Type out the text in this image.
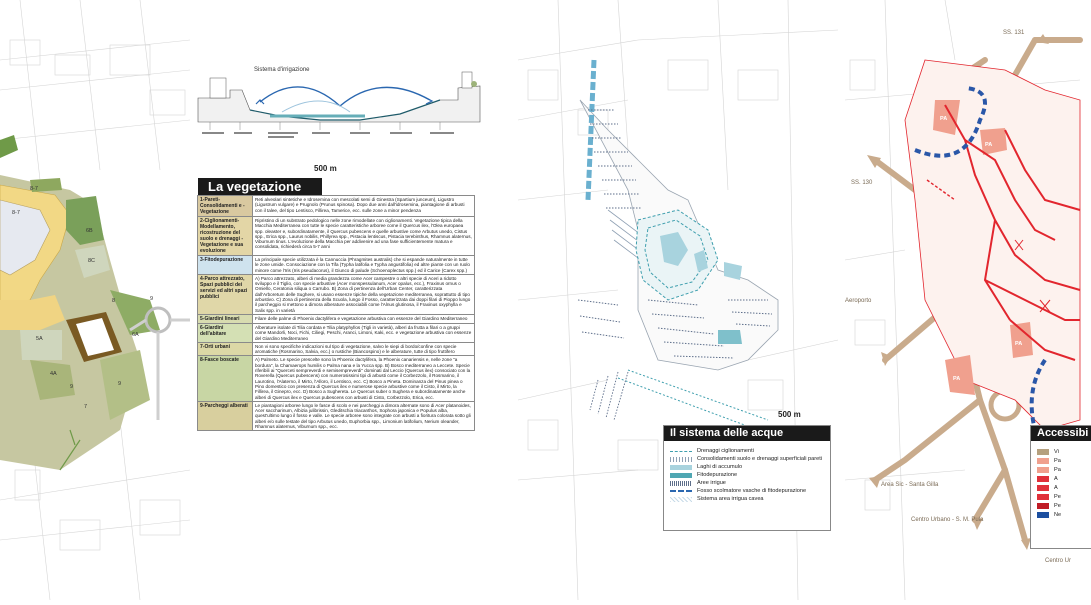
8-7
8-7
6B
8C
6A
5A
4A
9
9
9
7
8
Sistema d'irrigazione
500 m
La vegetazione
1-Pareti-Consolidamenti e - Vegetazione	Reti alveolari sintetiche e Idrosemina con mescolati semi di Ginestra (Spartium junceum), Ligustro (Ligustrum vulgare) e Prugnolo (Prunus spinosa). Dopo due anni dall'idrosemina, piantagione di arbusti con il talee, del tipo Lentisco, Fillirea, Tamerice, ecc. sulle zone a minor pendenza
2-Ciglionamenti- Modellamento, ricostruzione del suolo e drenaggi - Vegetazione e sua evoluzione	Ripristino di un substrato pedologico nelle zone rimodellate con ciglionamenti. Vegetazione tipica della Macchia Mediterranea con tutte le specie caratteristiche arboree come il Quercus ilex, l'Olea europaea spp. oleaster e, subordinatamente, il Quercus pubescens e quelle arbustive come Arbutus unedo, Cistus spp., Erica spp., Laurus nobilis, Phillyrea spp., Pistacia lentiscus, Pistacia terebinthus, Rhamnus alaternus, Viburnum tinus. L'evoluzione della Macchia per addivenire ad una fase sufficientemente matura e consolidata, richiederà circa 5-7 anni
3-Fitodepurazione	La principale specie utilizzata è la Cannuccia (Phragmites australis) che si espande naturalmente in tutte le zone umide. Consociazione con la Tifa (Typha latifolia e Typha angustifolia) ed altre piante con un ruolo minore come l'Iris (Iris pseudacorus), il Giunco di palude (Schoenoplectus spp.) ed il Carice (Carex spp.)
4-Parco attrezzato, Spazi pubblici dei servizi ed altri spazi pubblici	A) Parco attrezzato, alberi di media grandezza come Acer campestre o altri specie di Aceri a ridotto sviluppo e il Tiglio, con specie arbustive (Acer monspessulanum, Acer opalus, ecc.), Fraxinus ornus o Omiello, Ceratonia siliqua o Carrubo. B) Zona di pertinenza dell'Urban Center, caratterizzata dall'Arboretum delle Sughere, si usano essenze tipiche della vegetazione mediterranea, soprattutto di tipo arbustivo. C) Zona di pertinenza della Scuola, lungo il Fosso, caratterizzata dai doppi filari di Pioppo lungo il parcheggio si mettono a dimora alberature associabili come l'Alnus glutinosa, il Fraxinus oxyphylla e Salix spp. in varietà
5-Giardini lineari	Filare delle palme di Phoenix dactylifera e vegetazione arbustiva con essenze del Giardino Mediterraneo
6-Giardini dell'abitare	Alberature isolate di Tilia cordata e Tilia platyphyllos (Tigli in varietà), alberi da frutta a filari o a gruppi come Mandorli, Noci, Fichi, Ciliegi, Peschi, Aranci, Limoni, Kaki, ecc. e vegetazione arbustiva con essenze del Giardino Mediterraneo
7-Orti urbani	Non vi sono specifiche indicazioni sul tipo di vegetazione, salvo le siepi di bordo/confine con specie aromatiche (Rosmarino, Salvia, ecc.) o rustiche (Biancospino) e le alberature, tutte di tipo fruttifero
8-Fasce boscate	A) Palmeto. Le specie prescelte sono la Phoenix dactylifera, la Phoenix canariensis e, nelle zone "a bordura", la Chamaerops humilis o Palma nana e la Yucca spp. B) Bosco mediterraneo a Leccete. Specie riferibili ai "Querceti sempreverdi e semisempreverdi" dominati dal Leccio (Quercus ilex) consociato con la Roverella (Quercus pubescens) con numerosissimi tipi di arbusti come il Corbezzolo, il Rosmarino, il Laurotino, l'Alaterno, il Mirto, l'Alloro, il Lentisco, ecc. C) Bosco a Pineta. Dominanza del Pinus pinea o Pino domestico con presenza di Quercus ilex e numerose specie arbustive come il Cisto, il Mirto, la Fillirea, il Ginepro, ecc. D) Bosco a Sughereta. Le Quercus suber o Sughera e subordinatamente anche alberi di Quercus ilex e Quercus pubescens con arbusti di Cisto, Corbezzolo, Erica, ecc.
9-Parcheggi alberati	Le piantagioni arboree lungo le fasce di scolo e nei parcheggi a dimora alternate sono di Acer platanoides, Acer saccharinum, Albizia julibrissin, Gleditschia triacanthos, Sophora japonica e Populus alba, quest'ultimo lungo il fosso e valle. Le specie arboree sono integrate con arbusti a fioritura colorata sotto gli alberi e/o sulle testate del tipo Arbutus unedo, Euphorbia spp., Limonium latifolium, Nerium oleander, Rhamnus alaternus, Viburnum spp., ecc.
500 m
Il sistema delle acque
Drenaggi ciglionamenti
Consolidamenti suolo e drenaggi superficiali pareti
Laghi di accumulo
Fitodepurazione
Aree irrigue
Fosso scolmatore vasche di fitodepurazione
Sistema area irrigua cavea
SS. 131
SS. 130
Aeroporto
Area Sic - Santa Gilla
Centro Urbano - S. M. Pula
Centro Ur
PA
PA
PA
PA
Accessibi
Vi
Pa
Pa
A
A
Pe
Pe
Ne
